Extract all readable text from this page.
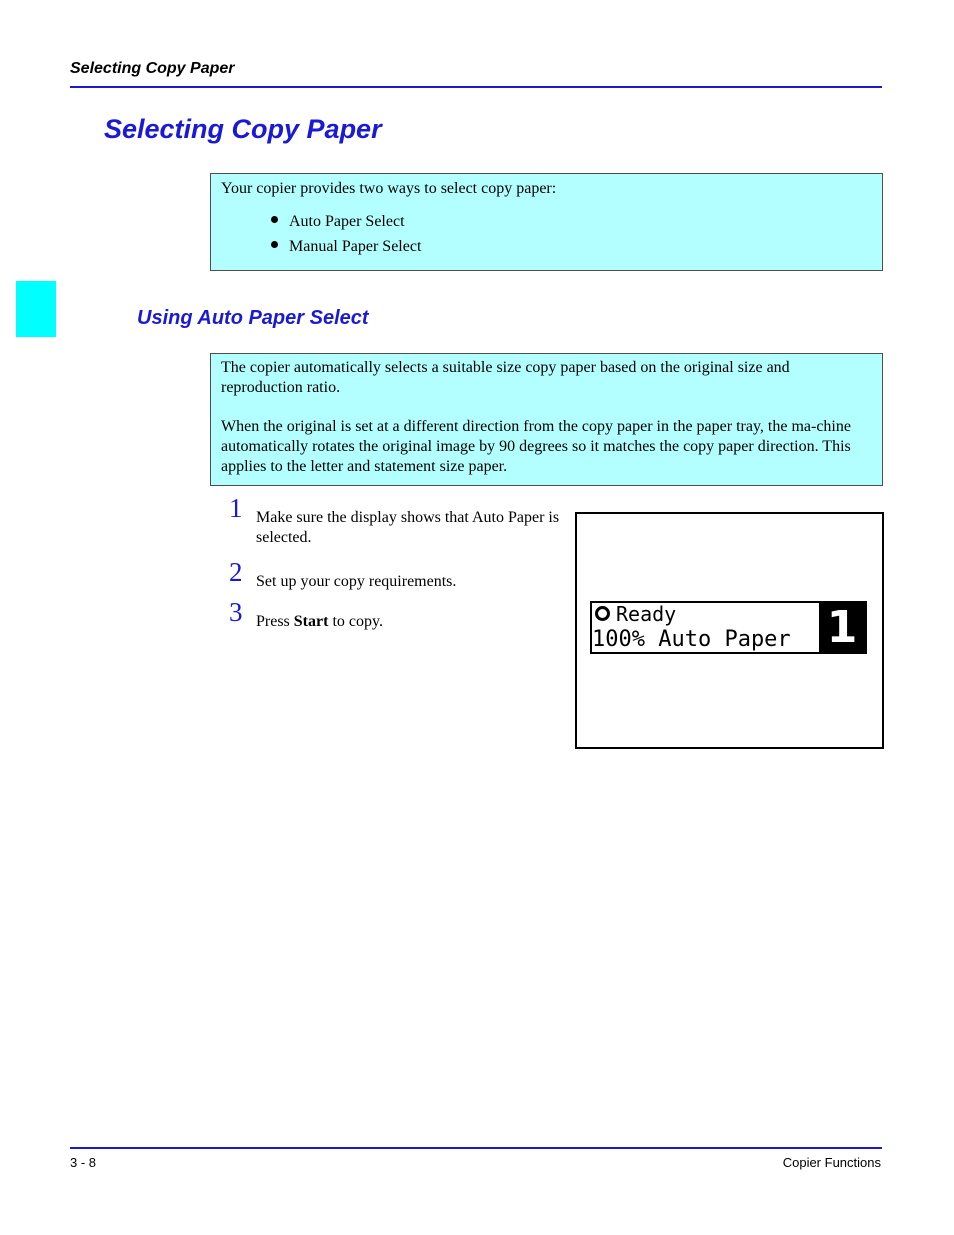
Selecting Copy Paper
Selecting Copy Paper

Your copier provides two ways to select copy paper:

Auto Paper Select
Manual Paper Select
Using Auto Paper Select

The copier automatically selects a suitable size copy paper based on the original size and reproduction ratio.

When the original is set at a different direction from the copy paper in the paper tray, the ma-chine automatically rotates the original image by 90 degrees so it matches the copy paper direction. This applies to the letter and statement size paper.

1 Make sure the display shows that Auto Paper is selected.
2 Set up your copy requirements.
3 Press Start to copy.	Ready
100% Auto Paper 1
3 - 8	Copier Functions
